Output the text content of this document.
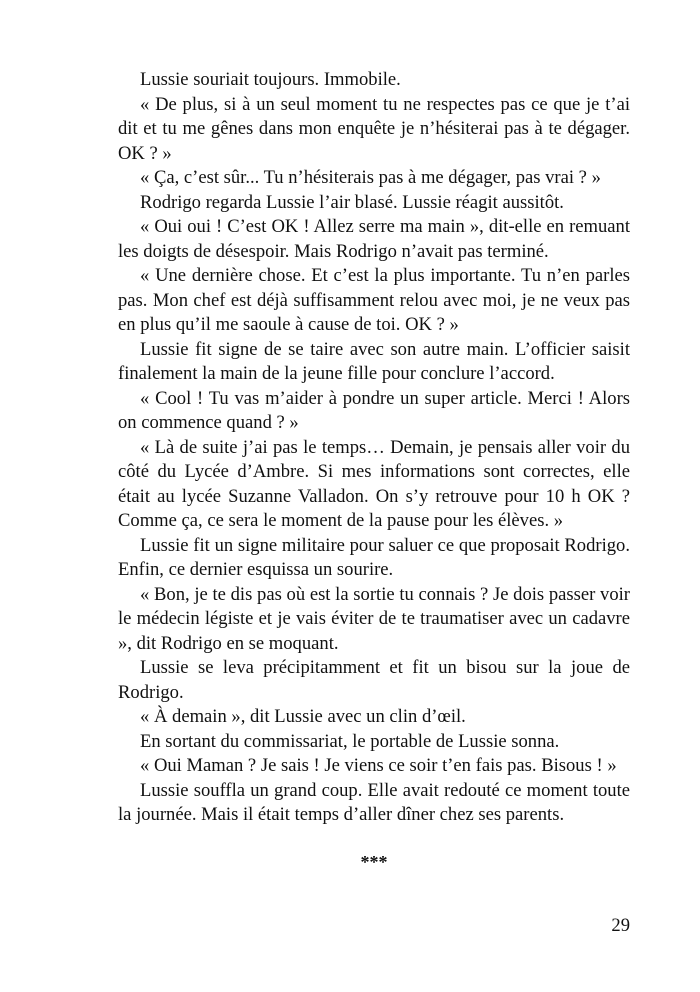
Lussie souriait toujours. Immobile.

« De plus, si à un seul moment tu ne respectes pas ce que je t’ai dit et tu me gênes dans mon enquête je n’hésiterai pas à te dégager. OK ? »

« Ça, c’est sûr... Tu n’hésiterais pas à me dégager, pas vrai ? »

Rodrigo regarda Lussie l’air blasé. Lussie réagit aussitôt.

« Oui oui ! C’est OK ! Allez serre ma main », dit-elle en remuant les doigts de désespoir. Mais Rodrigo n’avait pas terminé.

« Une dernière chose. Et c’est la plus importante. Tu n’en parles pas. Mon chef est déjà suffisamment relou avec moi, je ne veux pas en plus qu’il me saoule à cause de toi. OK ? »

Lussie fit signe de se taire avec son autre main. L’officier saisit finalement la main de la jeune fille pour conclure l’accord.

« Cool ! Tu vas m’aider à pondre un super article. Merci ! Alors on commence quand ? »

« Là de suite j’ai pas le temps… Demain, je pensais aller voir du côté du Lycée d’Ambre. Si mes informations sont correctes, elle était au lycée Suzanne Valladon. On s’y retrouve pour 10 h OK ? Comme ça, ce sera le moment de la pause pour les élèves. »

Lussie fit un signe militaire pour saluer ce que proposait Rodrigo. Enfin, ce dernier esquissa un sourire.

« Bon, je te dis pas où est la sortie tu connais ? Je dois passer voir le médecin légiste et je vais éviter de te traumatiser avec un cadavre », dit Rodrigo en se moquant.

Lussie se leva précipitamment et fit un bisou sur la joue de Rodrigo.

« À demain », dit Lussie avec un clin d’œil.

En sortant du commissariat, le portable de Lussie sonna.

« Oui Maman ? Je sais ! Je viens ce soir t’en fais pas. Bisous ! »

Lussie souffla un grand coup. Elle avait redouté ce moment toute la journée. Mais il était temps d’aller dîner chez ses parents.

***
29
